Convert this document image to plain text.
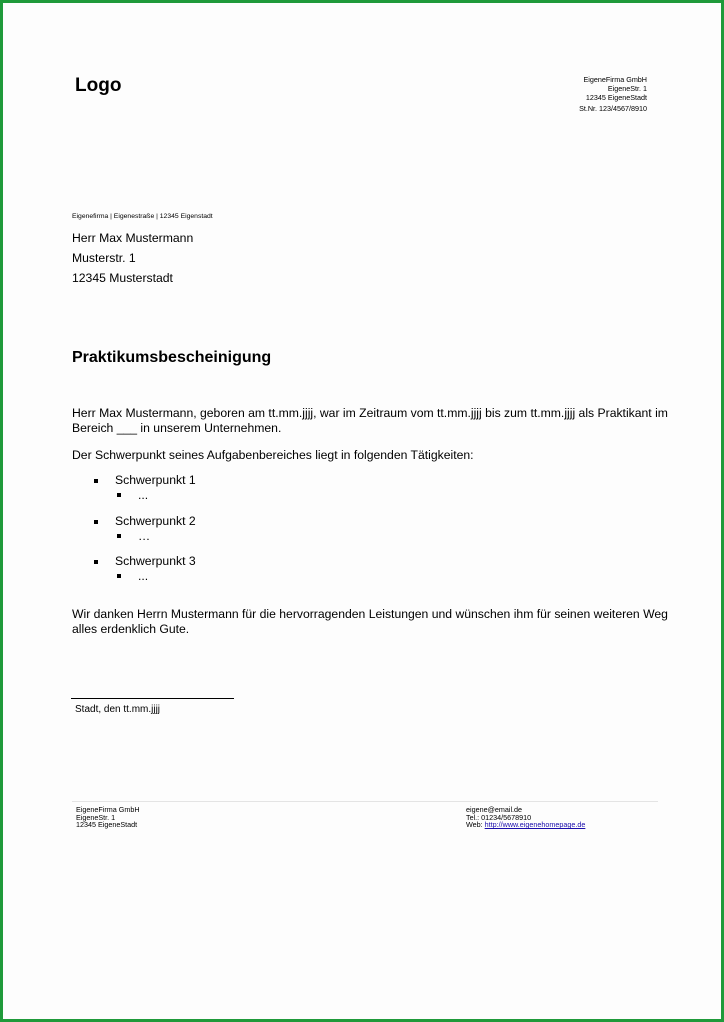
Logo	EigeneFirma GmbH
EigeneStr. 1
12345 EigeneStadt
St.Nr. 123/4567/8910
Eigenefirma | Eigenestraße | 12345 Eigenstadt
Herr Max Mustermann
Musterstr. 1
12345 Musterstadt
Praktikumsbescheinigung
Herr Max Mustermann, geboren am tt.mm.jjjj, war im Zeitraum vom tt.mm.jjjj bis zum tt.mm.jjjj als Praktikant im Bereich ___ in unserem Unternehmen.
Der Schwerpunkt seines Aufgabenbereiches liegt in folgenden Tätigkeiten:
Schwerpunkt 1
...
Schwerpunkt 2
…
Schwerpunkt 3
...
Wir danken Herrn Mustermann für die hervorragenden Leistungen und wünschen ihm für seinen weiteren Weg alles erdenklich Gute.
Stadt, den tt.mm.jjjj
EigeneFirma GmbH
EigeneStr. 1
12345 EigeneStadt
eigene@email.de
Tel.: 01234/5678910
Web: http://www.eigenehomepage.de
